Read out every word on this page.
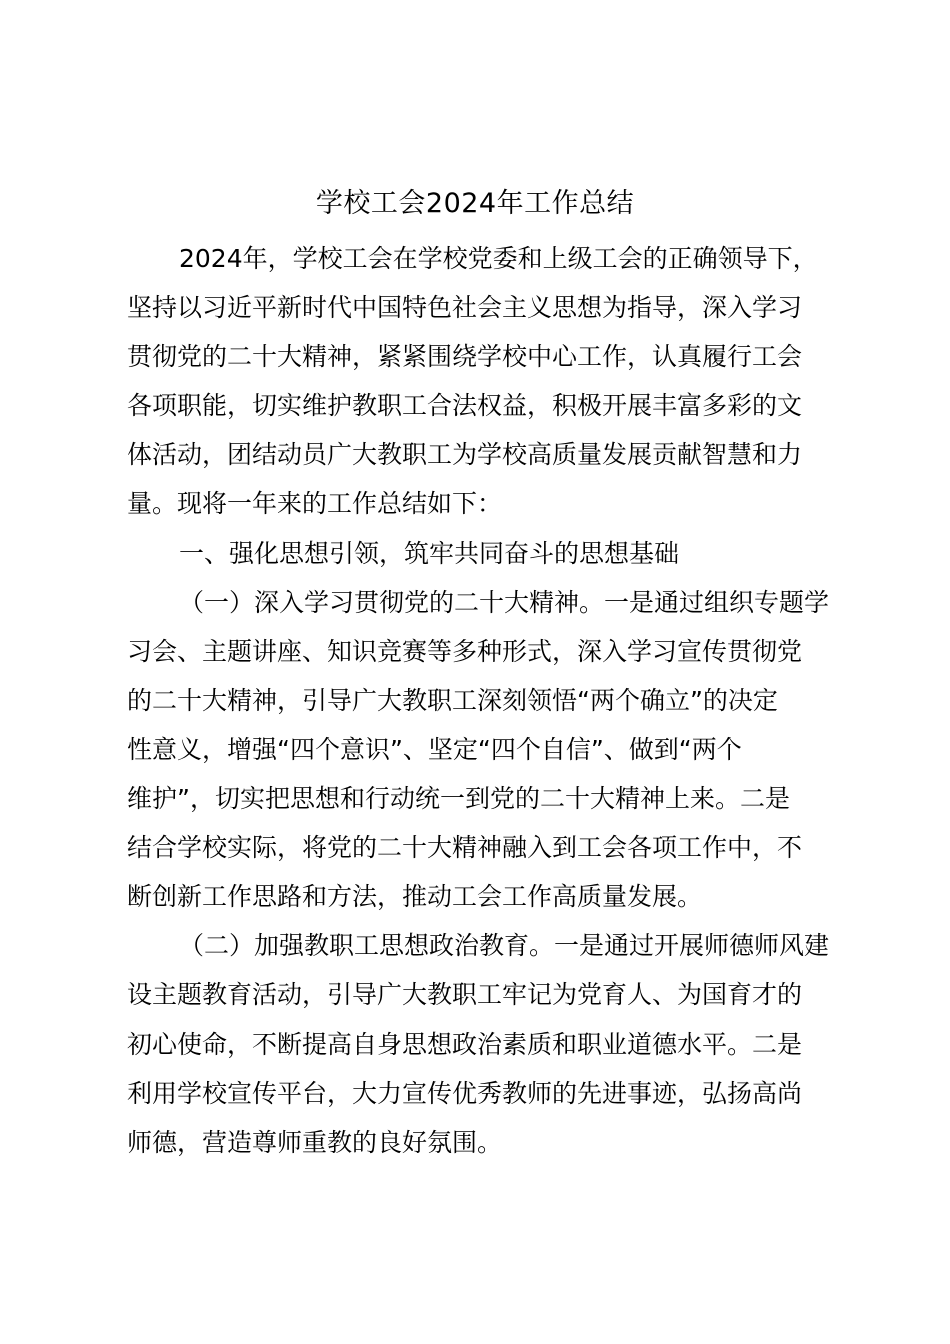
学校工会2024年工作总结
2024年，学校工会在学校党委和上级工会的正确领导下，
坚持以习近平新时代中国特色社会主义思想为指导，深入学习
贯彻党的二十大精神，紧紧围绕学校中心工作，认真履行工会
各项职能，切实维护教职工合法权益，积极开展丰富多彩的文
体活动，团结动员广大教职工为学校高质量发展贡献智慧和力
量。现将一年来的工作总结如下：
一、强化思想引领，筑牢共同奋斗的思想基础
（一）深入学习贯彻党的二十大精神。一是通过组织专题学
习会、主题讲座、知识竞赛等多种形式，深入学习宣传贯彻党
的二十大精神，引导广大教职工深刻领悟“两个确立”的决定
性意义，增强“四个意识”、坚定“四个自信”、做到“两个
维护”，切实把思想和行动统一到党的二十大精神上来。二是
结合学校实际，将党的二十大精神融入到工会各项工作中，不
断创新工作思路和方法，推动工会工作高质量发展。
（二）加强教职工思想政治教育。一是通过开展师德师风建
设主题教育活动，引导广大教职工牢记为党育人、为国育才的
初心使命，不断提高自身思想政治素质和职业道德水平。二是
利用学校宣传平台，大力宣传优秀教师的先进事迹，弘扬高尚
师德，营造尊师重教的良好氛围。
